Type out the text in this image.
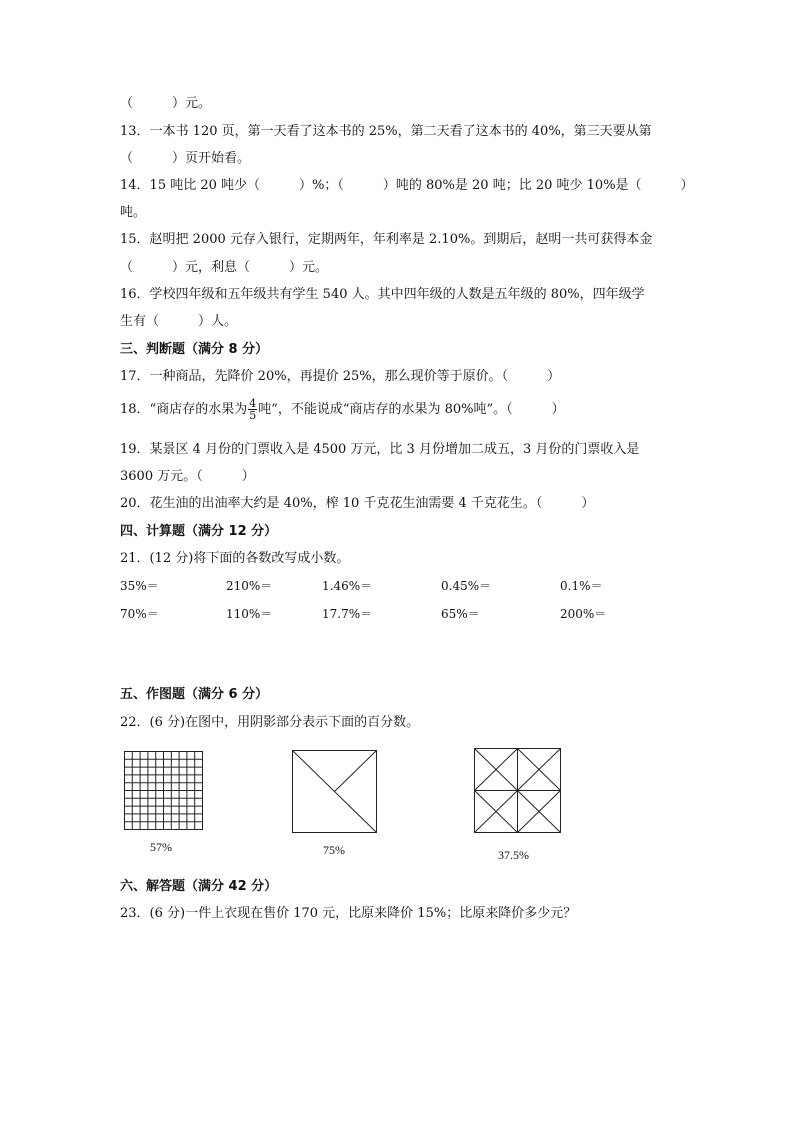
（　　　）元。
13．一本书 120 页，第一天看了这本书的 25%，第二天看了这本书的 40%，第三天要从第
（　　　）页开始看。
14．15 吨比 20 吨少（　　　）%；（　　　）吨的 80%是 20 吨；比 20 吨少 10%是（　　　）
吨。
15．赵明把 2000 元存入银行，定期两年，年利率是 2.10%。到期后，赵明一共可获得本金
（　　　）元，利息（　　　）元。
16．学校四年级和五年级共有学生 540 人。其中四年级的人数是五年级的 80%，四年级学
生有（　　　）人。
三、判断题（满分 8 分）
17．一种商品，先降价 20%，再提价 25%，那么现价等于原价。（　　　）
18．“商店存的水果为 $\frac{4}{5}$ 吨”，不能说成“商店存的水果为 80%吨”。（　　　）
19．某景区 4 月份的门票收入是 4500 万元，比 3 月份增加二成五，3 月份的门票收入是
3600 万元。（　　　）
20．花生油的出油率大约是 40%，榨 10 千克花生油需要 4 千克花生。（　　　）
四、计算题（满分 12 分）
21．(12 分)将下面的各数改写成小数。
35%＝	210%＝	1.46%＝	0.45%＝	0.1%＝
70%＝	110%＝	17.7%＝	65%＝	200%＝
五、作图题（满分 6 分）
22．(6 分)在图中，用阴影部分表示下面的百分数。
57%	75%	37.5%
六、解答题（满分 42 分）
23．(6 分)一件上衣现在售价 170 元，比原来降价 15%；比原来降价多少元？
